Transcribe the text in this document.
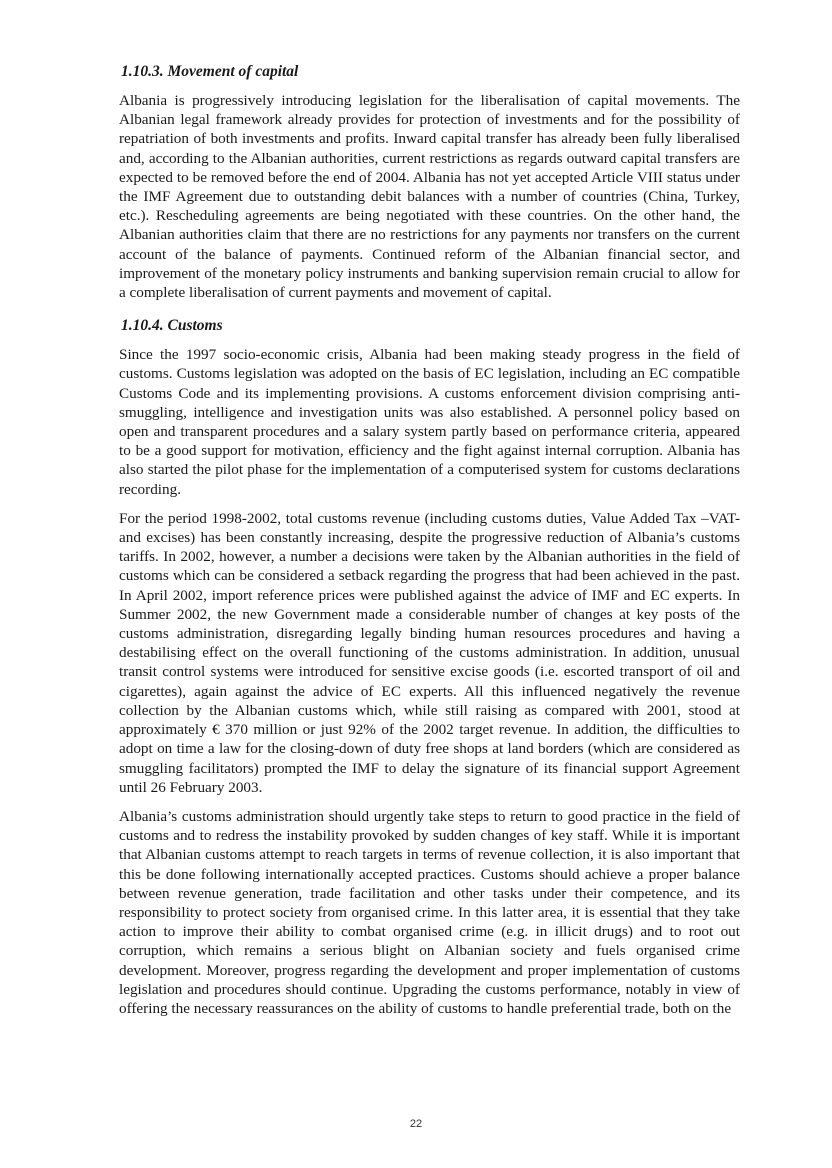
1.10.3. Movement of capital

Albania is progressively introducing legislation for the liberalisation of capital movements. The Albanian legal framework already provides for protection of investments and for the possibility of repatriation of both investments and profits. Inward capital transfer has already been fully liberalised and, according to the Albanian authorities, current restrictions as regards outward capital transfers are expected to be removed before the end of 2004. Albania has not yet accepted Article VIII status under the IMF Agreement due to outstanding debit balances with a number of countries (China, Turkey, etc.). Rescheduling agreements are being negotiated with these countries. On the other hand, the Albanian authorities claim that there are no restrictions for any payments nor transfers on the current account of the balance of payments. Continued reform of the Albanian financial sector, and improvement of the monetary policy instruments and banking supervision remain crucial to allow for a complete liberalisation of current payments and movement of capital.

1.10.4. Customs

Since the 1997 socio-economic crisis, Albania had been making steady progress in the field of customs. Customs legislation was adopted on the basis of EC legislation, including an EC compatible Customs Code and its implementing provisions. A customs enforcement division comprising anti-smuggling, intelligence and investigation units was also established. A personnel policy based on open and transparent procedures and a salary system partly based on performance criteria, appeared to be a good support for motivation, efficiency and the fight against internal corruption. Albania has also started the pilot phase for the implementation of a computerised system for customs declarations recording.

For the period 1998-2002, total customs revenue (including customs duties, Value Added Tax –VAT- and excises) has been constantly increasing, despite the progressive reduction of Albania’s customs tariffs. In 2002, however, a number a decisions were taken by the Albanian authorities in the field of customs which can be considered a setback regarding the progress that had been achieved in the past. In April 2002, import reference prices were published against the advice of IMF and EC experts. In Summer 2002, the new Government made a considerable number of changes at key posts of the customs administration, disregarding legally binding human resources procedures and having a destabilising effect on the overall functioning of the customs administration. In addition, unusual transit control systems were introduced for sensitive excise goods (i.e. escorted transport of oil and cigarettes), again against the advice of EC experts. All this influenced negatively the revenue collection by the Albanian customs which, while still raising as compared with 2001, stood at approximately € 370 million or just 92% of the 2002 target revenue. In addition, the difficulties to adopt on time a law for the closing-down of duty free shops at land borders (which are considered as smuggling facilitators) prompted the IMF to delay the signature of its financial support Agreement until 26 February 2003.

Albania’s customs administration should urgently take steps to return to good practice in the field of customs and to redress the instability provoked by sudden changes of key staff. While it is important that Albanian customs attempt to reach targets in terms of revenue collection, it is also important that this be done following internationally accepted practices. Customs should achieve a proper balance between revenue generation, trade facilitation and other tasks under their competence, and its responsibility to protect society from organised crime. In this latter area, it is essential that they take action to improve their ability to combat organised crime (e.g. in illicit drugs) and to root out corruption, which remains a serious blight on Albanian society and fuels organised crime development. Moreover, progress regarding the development and proper implementation of customs legislation and procedures should continue. Upgrading the customs performance, notably in view of offering the necessary reassurances on the ability of customs to handle preferential trade, both on the

22
